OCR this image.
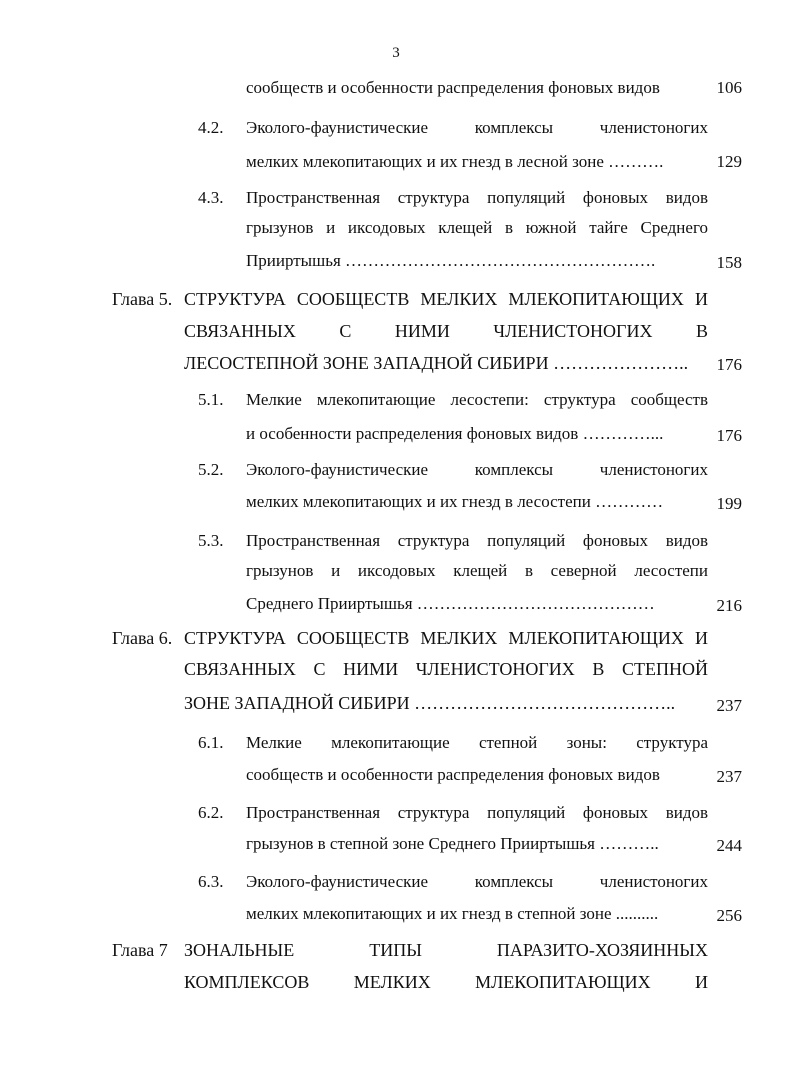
3
сообществ и особенности распределения фоновых видов	106
4.2. Эколого-фаунистические комплексы членистоногих
мелких млекопитающих и их гнезд в лесной зоне ……….	129
4.3. Пространственная структура популяций фоновых видов
грызунов и иксодовых клещей в южной тайге Среднего
Прииртышья ……………………………………………….	158
Глава 5. СТРУКТУРА СООБЩЕСТВ МЕЛКИХ МЛЕКОПИТАЮЩИХ И
СВЯЗАННЫХ С НИМИ ЧЛЕНИСТОНОГИХ В
ЛЕСОСТЕПНОЙ ЗОНЕ ЗАПАДНОЙ СИБИРИ ………………….. 176
5.1. Мелкие млекопитающие лесостепи: структура сообществ
и особенности распределения фоновых видов …………...	176
5.2. Эколого-фаунистические комплексы членистоногих
мелких млекопитающих и их гнезд в лесостепи …………	199
5.3. Пространственная структура популяций фоновых видов
грызунов и иксодовых клещей в северной лесостепи
Среднего Прииртышья ……………………………………	216
Глава 6. СТРУКТУРА СООБЩЕСТВ МЕЛКИХ МЛЕКОПИТАЮЩИХ И
СВЯЗАННЫХ С НИМИ ЧЛЕНИСТОНОГИХ В СТЕПНОЙ
ЗОНЕ ЗАПАДНОЙ СИБИРИ …………………………………….. 237
6.1. Мелкие млекопитающие степной зоны: структура
сообществ и особенности распределения фоновых видов	237
6.2. Пространственная структура популяций фоновых видов
грызунов в степной зоне Среднего Прииртышья ………..	244
6.3. Эколого-фаунистические комплексы членистоногих
мелких млекопитающих и их гнезд в степной зоне ..........	256
Глава 7 ЗОНАЛЬНЫЕ ТИПЫ ПАРАЗИТО-ХОЗЯИННЫХ
КОМПЛЕКСОВ МЕЛКИХ МЛЕКОПИТАЮЩИХ И
